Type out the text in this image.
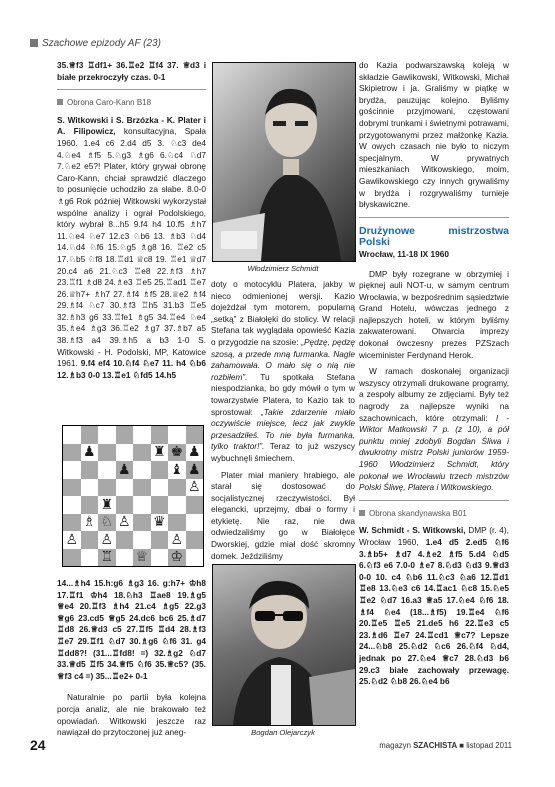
Szachowe epizody AF (23)

35.♕f3 ♖df1+ 36.♖e2 ♖f4 37. ♕d3 i białe przekroczyły czas. 0-1

Obrona Caro-Kann B18

S. Witkowski i S. Brzózka - K. Plater i A. Filipowicz, konsultacyjna, Spała 1960. 1.e4 c6 2.d4 d5 3. ♘c3 de4 4.♘e4 ♗f5 5.♘g3 ♗g6 6.♘c4 ♘d7 7.♘e2 e5?! Plater, który grywał obronę Caro-Kann, chciał sprawdzić dlaczego to posunięcie uchodziło za słabe. 8.0-0 ♗g6 Rok później Witkowski wykorzystał wspólne analizy i ograł Podolskiego, który wybrał 8...h5 9.f4 h4 10.f5 ♗h7 11.♘e4 ♘e7 12.c3 ♘b6 13. ♗b3 ♘d4 14.♘d4 ♘f6 15.♘g5 ♗g8 16. ♖e2 c5 17.♘b5 ♘f8 18.♖d1 ♕c8 19. ♖e1 ♕d7 20.c4 a6 21.♘c3 ♖e8 22.♗f3 ♗h7 23.♖f1 ♗d8 24.♗e3 ♖e5 25.♖ad1 ♖e7 26.♕h7+ ♗h7 27.♗f4 ♗f5 28.♕e2 ♗f4 29.♗f4 ♘c7 30.♗f3 ♖h5 31.b3 ♖e5 32.♗h3 g6 33.♖fe1 ♗g5 34.♖e4 ♘e4 35.♗e4 ♗g3 36.♖e2 ♗g7 37.♗b7 a5 38.♗f3 a4 39.♗h5 a b3 1-0 S. Witkowski - H. Podolski, MP, Katowice 1961. 9.f4 ef4 10.♘f4 ♘e7 11. h4 ♘b6 12.♗b3 0-0 13.♖e1 ♘fd5 14.h5

♟	♜ ♚ ♟
♟	♝ ♟
♙
♜
♗ ♘ ♙ ♛
♙ ♙	♙
♖ ♕ ♔

14...♗h4 15.h:g6 ♗g3 16. g:h7+ ♔h8 17.♖f1 ♔h4 18.♘h3 ♖ae8 19.♗g5 ♕e4 20.♖f3 ♗h4 21.c4 ♗g5 22.g3 ♕g6 23.cd5 ♕g5 24.dc6 bc6 25.♗d7 ♖d8 26.♕d3 c5 27.♖f5 ♖d4 28.♗f3 ♖e7 29.♖f1 ♘d7 30.♗g6 ♘f6 31. g4 ♖dd8?! (31...♖fd8! =) 32.♗g2 ♘d7 33.♕d5 ♖f5 34.♕f5 ♘f6 35.♕c5? (35. ♕f3 c4 =) 35...♖e2+ 0-1

Naturalnie po partii była kolejna porcja analiz, ale nie brakowało też opowiadań. Witkowski jeszcze raz nawiązał do przytoczonej już aneg-

Włodzimierz Schmidt

doty o motocyklu Platera, jakby w nieco odmienionej wersji. Kazio dojeżdżał tym motorem, popularną „setką” z Białołęki do stolicy. W relacji Stefana tak wyglądała opowieść Kazia o przygodzie na szosie: „Pędzę, pędzę szosą, a przede mną furmanka. Nagle zahamowała. O mało się o nią nie rozbiłem”. Tu spotkała Stefana niespodzianka, bo gdy mówił o tym w towarzystwie Platera, to Kazio tak to sprostował: „Takie zdarzenie miało oczywiście miejsce, lecz jak zwykle przesadziłeś. To nie była furmanka, tylko traktor!”. Teraz to już wszyscy wybuchnęli śmiechem.

Plater miał maniery hrabiego, ale starał się dostosować do socjalistycznej rzeczywistości. Był elegancki, uprzejmy, dbał o formy i etykietę. Nie raz, nie dwa odwiedzaliśmy go w Białołęce Dworskiej, gdzie miał dość skromny domek. Jeździliśmy

Bogdan Olejarczyk

do Kazia podwarszawską koleją w składzie Gawlikowski, Witkowski, Michał Skipietrow i ja. Graliśmy w piątkę w brydża, pauzując kolejno. Byliśmy gościnnie przyjmowani, częstowani dobrymi trunkami i świetnymi potrawami, przygotowanymi przez małżonkę Kazia. W owych czasach nie było to niczym specjalnym. W prywatnych mieszkaniach Witkowskiego, moim, Gawlikowskiego czy innych grywaliśmy w brydża i rozgrywaliśmy turnieje błyskawiczne.

Drużynowe mistrzostwa Polski
Wrocław, 11-18 IX 1960

DMP były rozegrane w obrzymiej i pięknej auli NOT-u, w samym centrum Wrocławia, w bezpośrednim sąsiedztwie Grand Hotelu, wówczas jednego z najlepszych hoteli, w którym byliśmy zakwaterowani. Otwarcia imprezy dokonał ówczesny prezes PZSzach wiceminister Ferdynand Herok.

W ramach doskonałej organizacji wszyscy otrzymali drukowane programy, a zespoły albumy ze zdjęciami. Były też nagrody za najlepsze wyniki na szachownicach, które otrzymali: I - Wiktor Matkowski 7 p. (z 10), a pół punktu mniej zdobyli Bogdan Śliwa i dwukrotny mistrz Polski juniorów 1959-1960 Włodzimierz Schmidt, który pokonał we Wrocławiu trzech mistrzów Polski Śliwę, Platera i Witkowskiego.

Obrona skandynawska B01

W. Schmidt - S. Witkowski, DMP (r. 4), Wrocław 1960, 1.e4 d5 2.ed5 ♘f6 3.♗b5+ ♗d7 4.♗e2 ♗f5 5.d4 ♘d5 6.♘f3 e6 7.0-0 ♗e7 8.♘d3 ♘d3 9.♕d3 0-0 10. c4 ♘b6 11.♘c3 ♘a6 12.♖d1 ♖e8 13.♘e3 c6 14.♖ac1 ♘c8 15.♘e5 ♖e2 ♘d7 16.a3 ♕a5 17.♘e4 ♘f6 18. ♗f4 ♘e4 (18...♗f5) 19.♖e4 ♘f6 20.♖e5 ♖e5 21.de5 h6 22.♖e3 c5 23.♗d6 ♖e7 24.♖cd1 ♕c7? Lepsze 24...♘b8 25.♘d2 ♘c6 26.♘f4 ♘d4, jednak po 27.♘e4 ♕c7 28.♘d3 b6 29.c3 białe zachowały przewagę. 25.♘d2 ♘b8 26.♘e4 b6

24	magazyn SZACHISTA ■ listopad 2011
